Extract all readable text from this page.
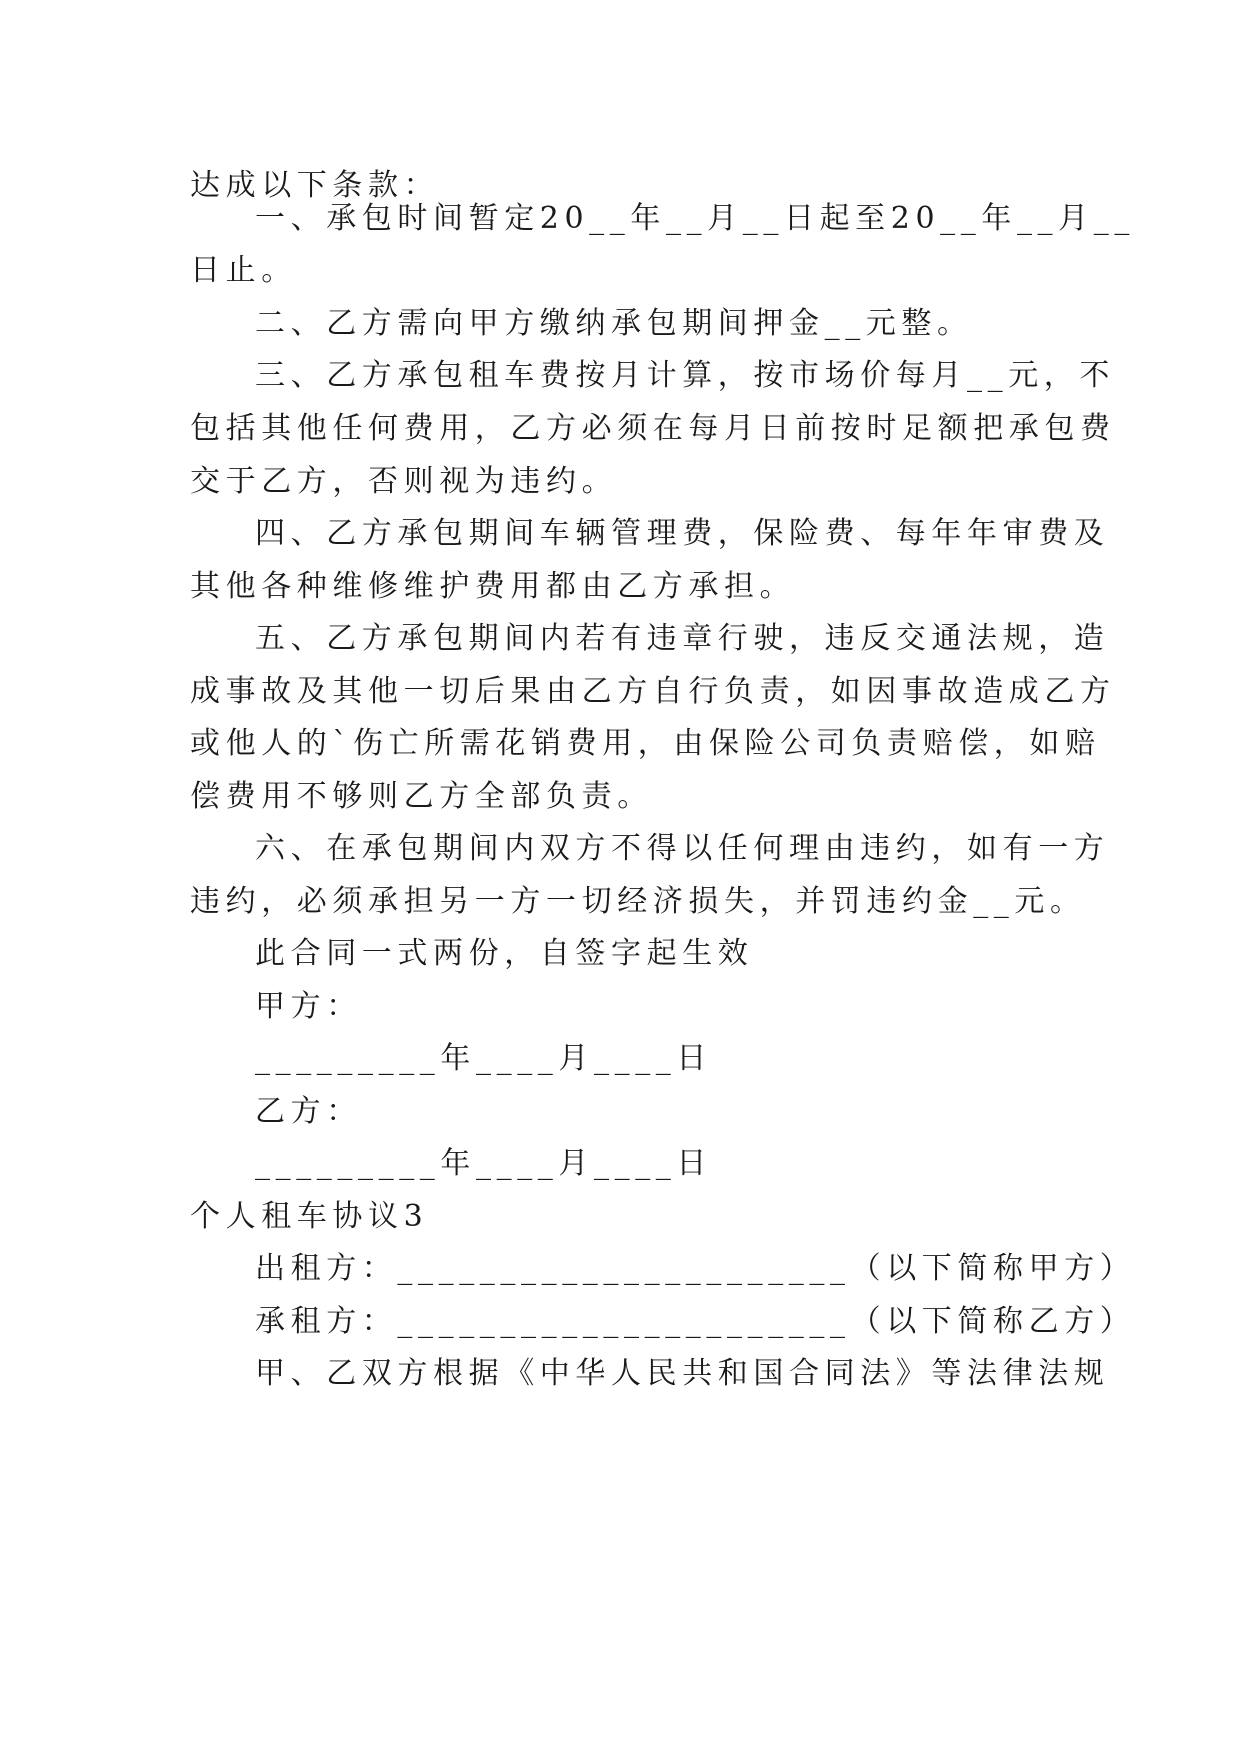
达成以下条款：
一、承包时间暂定20__年__月__日起至20__年__月__
日止。
二、乙方需向甲方缴纳承包期间押金__元整。
三、乙方承包租车费按月计算，按市场价每月__元，不
包括其他任何费用，乙方必须在每月日前按时足额把承包费
交于乙方，否则视为违约。
四、乙方承包期间车辆管理费，保险费、每年年审费及
其他各种维修维护费用都由乙方承担。
五、乙方承包期间内若有违章行驶，违反交通法规，造
成事故及其他一切后果由乙方自行负责，如因事故造成乙方
或他人的`伤亡所需花销费用，由保险公司负责赔偿，如赔
偿费用不够则乙方全部负责。
六、在承包期间内双方不得以任何理由违约，如有一方
违约，必须承担另一方一切经济损失，并罚违约金__元。
此合同一式两份，自签字起生效
甲方：
_________年____月____日
乙方：
_________年____月____日
个人租车协议3
出租方：______________________（以下简称甲方）
承租方：______________________（以下简称乙方）
甲、乙双方根据《中华人民共和国合同法》等法律法规
